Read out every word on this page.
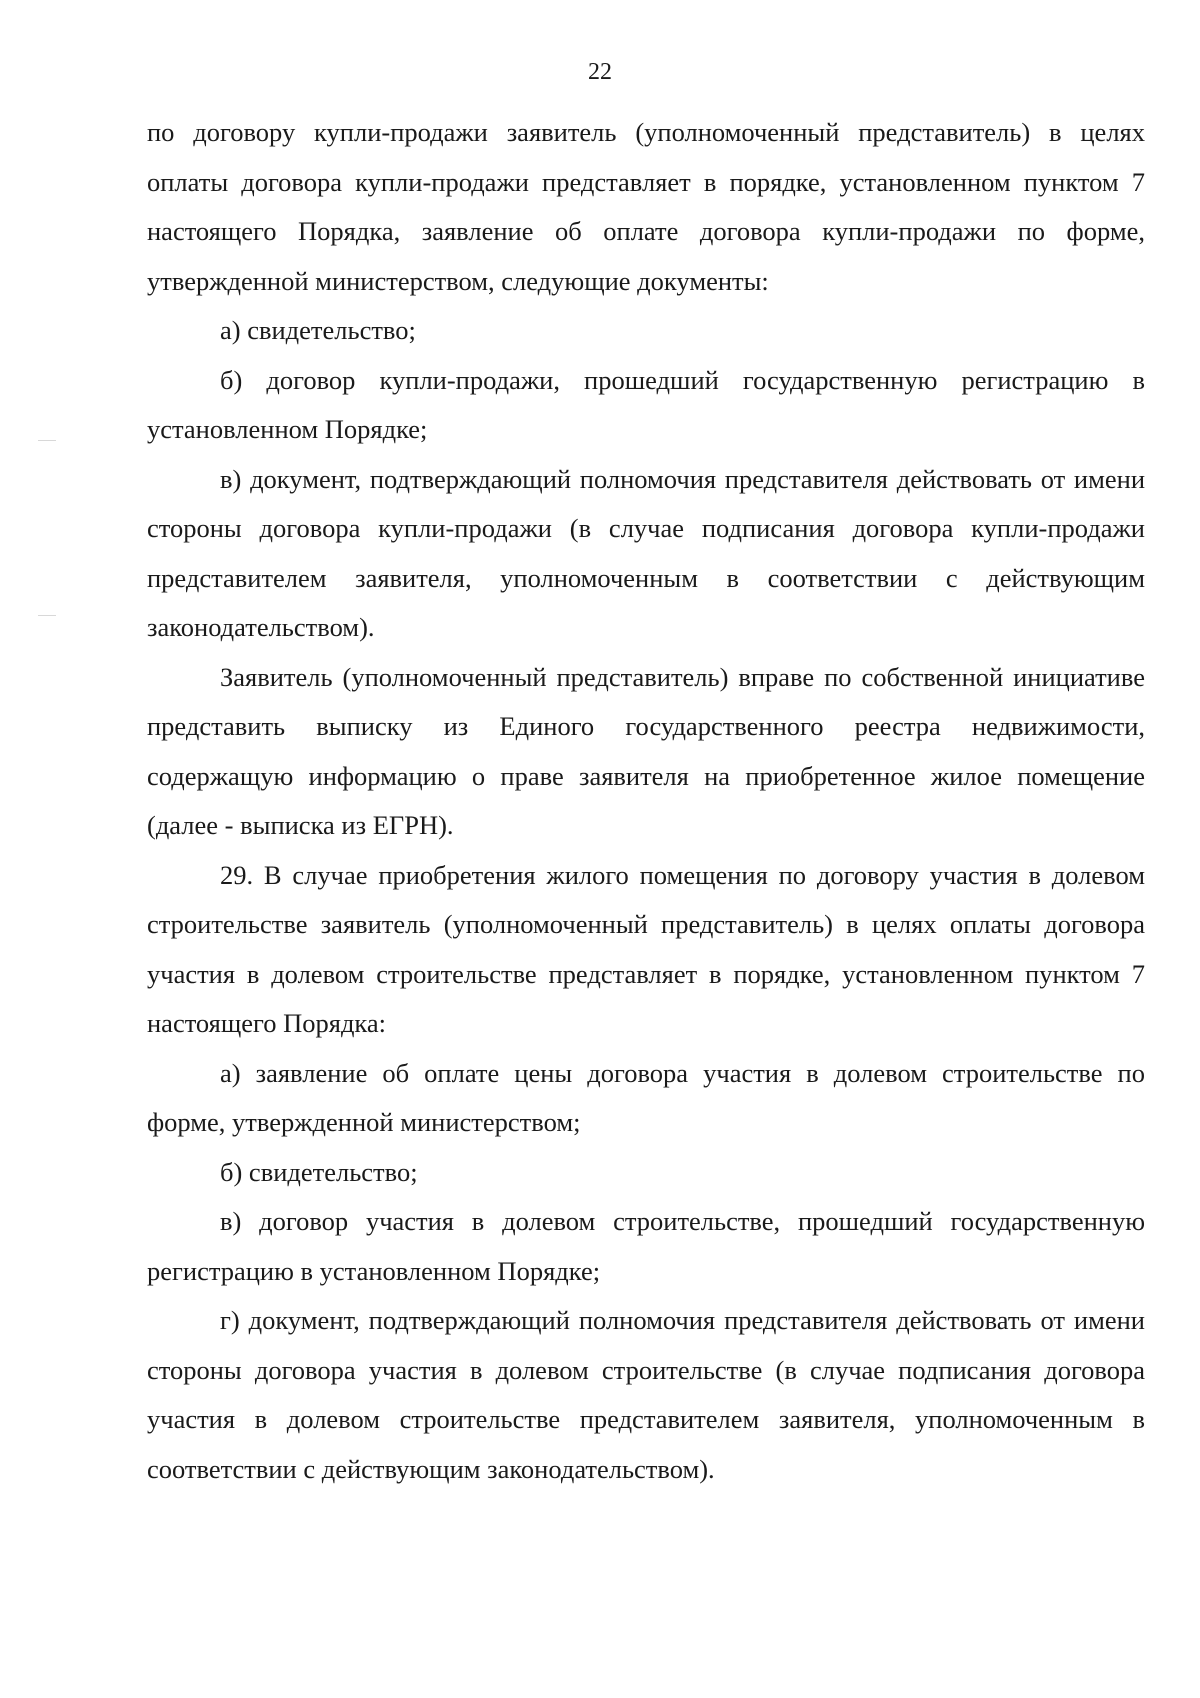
22

по договору купли-продажи заявитель (уполномоченный представитель) в целях оплаты договора купли-продажи представляет в порядке, установленном пунктом 7 настоящего Порядка, заявление об оплате договора купли-продажи по форме, утвержденной министерством, следующие документы:

а) свидетельство;

б) договор купли-продажи, прошедший государственную регистрацию в установленном Порядке;

в) документ, подтверждающий полномочия представителя действовать от имени стороны договора купли-продажи (в случае подписания договора купли-продажи представителем заявителя, уполномоченным в соответствии с действующим законодательством).

Заявитель (уполномоченный представитель) вправе по собственной инициативе представить выписку из Единого государственного реестра недвижимости, содержащую информацию о праве заявителя на приобретенное жилое помещение (далее - выписка из ЕГРН).

29. В случае приобретения жилого помещения по договору участия в долевом строительстве заявитель (уполномоченный представитель) в целях оплаты договора участия в долевом строительстве представляет в порядке, установленном пунктом 7 настоящего Порядка:

а) заявление об оплате цены договора участия в долевом строительстве по форме, утвержденной министерством;

б) свидетельство;

в) договор участия в долевом строительстве, прошедший государственную регистрацию в установленном Порядке;

г) документ, подтверждающий полномочия представителя действовать от имени стороны договора участия в долевом строительстве (в случае подписания договора участия в долевом строительстве представителем заявителя, уполномоченным в соответствии с действующим законодательством).
